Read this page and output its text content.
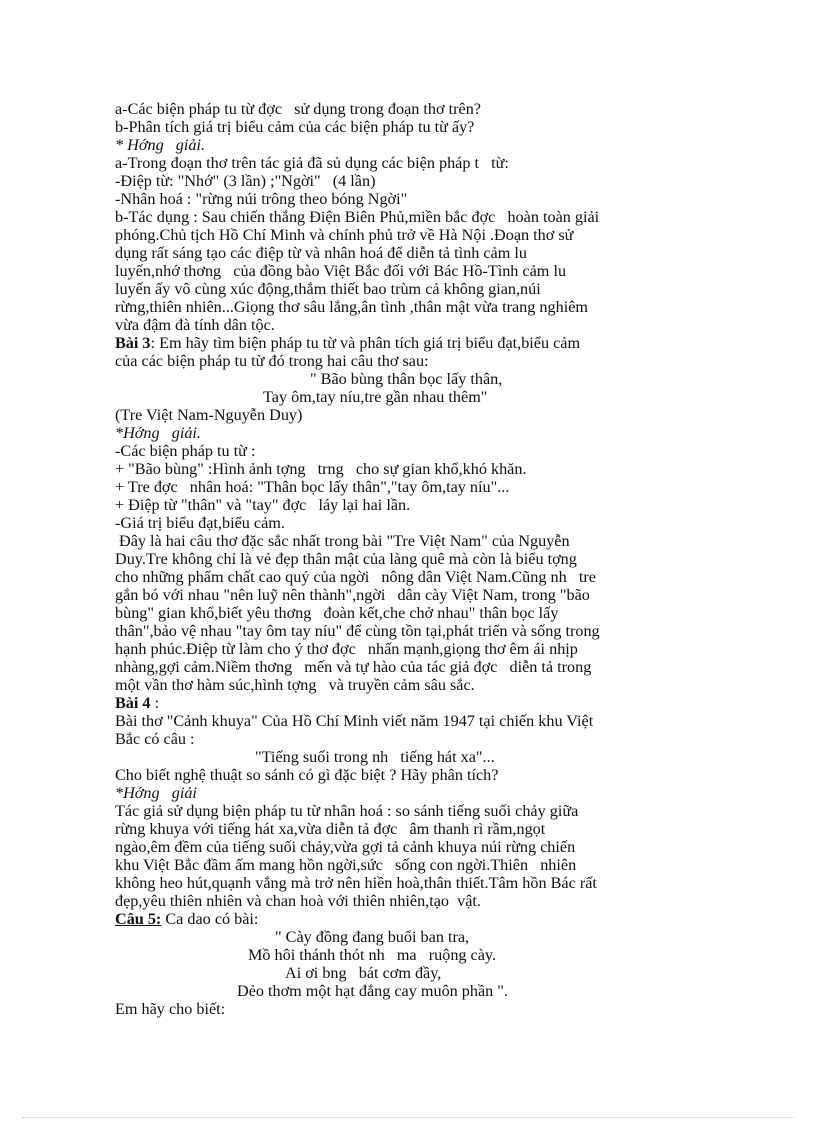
a-Các biện pháp tu từ đợc   sử dụng trong đoạn thơ trên?
b-Phân tích giá trị biểu cảm của các biện pháp tu từ ấy?
* Hớng   giải.
a-Trong đoạn thơ trên tác giả đã sủ dụng các biện pháp t   từ:
-Điệp từ: "Nhớ" (3 lần) ;"Ngời"   (4 lần)
-Nhân hoá : "rừng núi trông theo bóng Ngời"
b-Tác dụng : Sau chiến thắng Điện Biên Phủ,miền bắc đợc   hoàn toàn giải
phóng.Chủ tịch Hồ Chí Minh và chính phủ trở về Hà Nội .Đoạn thơ sử
dụng rất sáng tạo các điệp từ và nhân hoá để diễn tả tình cảm lu
luyến,nhớ thơng   của đồng bào Việt Bắc đối với Bác Hồ-Tình cảm lu
luyến ấy vô cùng xúc động,thắm thiết bao trùm cả không gian,núi
rừng,thiên nhiên...Giọng thơ sâu lắng,ân tình ,thân mật vừa trang nghiêm
vừa đậm đà tính dân tộc.
Bài 3: Em hãy tìm biện pháp tu từ và phân tích giá trị biểu đạt,biểu cảm
của các biện pháp tu từ đó trong hai câu thơ sau:
" Bão bùng thân bọc lấy thân,
Tay ôm,tay níu,tre gần nhau thêm"
(Tre Việt Nam-Nguyễn Duy)
*Hớng   giải.
-Các biện pháp tu từ :
+ "Bão bùng" :Hình ảnh tợng   trng   cho sự gian khổ,khó khăn.
+ Tre đợc   nhân hoá: "Thân bọc lấy thân","tay ôm,tay níu"...
+ Điệp từ "thân" và "tay" đợc   láy lại hai lần.
-Giá trị biểu đạt,biểu cảm.
Đây là hai câu thơ đặc sắc nhất trong bài "Tre Việt Nam" của Nguyễn
Duy.Tre không chỉ là vẻ đẹp thân mật của làng quê mà còn là biểu tợng
cho những phẩm chất cao quý của ngời   nông dân Việt Nam.Cũng nh   tre
gắn bó với nhau "nên luỹ nên thành",ngời   dân cày Việt Nam, trong "bão
bùng" gian khổ,biết yêu thơng   đoàn kết,che chở nhau" thân bọc lấy
thân",bảo vệ nhau "tay ôm tay níu" để cùng tồn tại,phát triển và sống trong
hạnh phúc.Điệp từ làm cho ý thơ đợc   nhấn mạnh,giọng thơ êm ái nhịp
nhàng,gợi cảm.Niềm thơng   mến và tự hào của tác giả đợc   diễn tả trong
một vần thơ hàm súc,hình tợng   và truyền cảm sâu sắc.
Bài 4 :
Bài thơ "Cảnh khuya" Của Hồ Chí Minh viết năm 1947 tại chiến khu Việt
Bắc có câu :
"Tiếng suối trong nh   tiếng hát xa"...
Cho biết nghệ thuật so sánh có gì đặc biệt ? Hãy phân tích?
*Hớng   giải
Tác giả sử dụng biện pháp tu từ nhân hoá : so sánh tiếng suối chảy giữa
rừng khuya với tiếng hát xa,vừa diễn tả đợc   âm thanh rì rầm,ngọt
ngào,êm đềm của tiếng suối chảy,vừa gợi tả cảnh khuya núi rừng chiến
khu Việt Bắc đầm ấm mang hồn ngời,sức   sống con ngời.Thiên   nhiên
không heo hút,quạnh vắng mà trở nên hiền hoà,thân thiết.Tâm hồn Bác rất
đẹp,yêu thiên nhiên và chan hoà với thiên nhiên,tạo  vật.
Câu 5: Ca dao có bài:
" Cày đồng đang buổi ban tra,
Mồ hôi thánh thót nh   ma   ruộng cày.
Ai ơi bng   bát cơm đầy,
Dẻo thơm một hạt đắng cay muôn phần ".
Em hãy cho biết:
